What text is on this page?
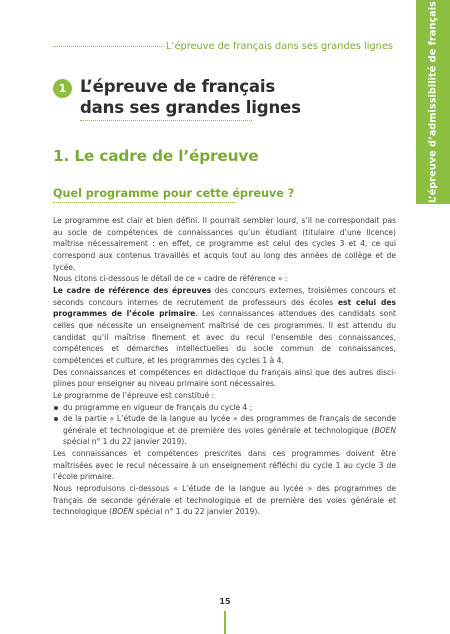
L’épreuve d’admissibilité de français
L’épreuve de français dans ses grandes lignes
1 L’épreuve de français
dans ses grandes lignes
1. Le cadre de l’épreuve
Quel programme pour cette épreuve ?

Le programme est clair et bien défini. Il pourrait sembler lourd, s’il ne correspondait pas au socle de compétences de connaissances qu’un étudiant (titulaire d’une licence) maîtrise nécessairement : en effet, ce programme est celui des cycles 3 et 4, ce qui correspond aux contenus travaillés et acquis tout au long des années de collège et de lycée.

Nous citons ci-dessous le détail de ce « cadre de référence » :

Le cadre de référence des épreuves des concours externes, troisièmes concours et seconds concours internes de recrutement de professeurs des écoles est celui des programmes de l’école primaire. Les connaissances attendues des candidats sont celles que nécessite un enseignement maîtrisé de ces programmes. Il est attendu du candidat qu’il maîtrise finement et avec du recul l’ensemble des connaissances, compétences et démarches intellectuelles du socle commun de connaissances, compétences et culture, et les programmes des cycles 1 à 4.

Des connaissances et compétences en didactique du français ainsi que des autres disci-plines pour enseigner au niveau primaire sont nécessaires.

Le programme de l’épreuve est constitué :

du programme en vigueur de français du cycle 4 ;
de la partie « L’étude de la langue au lycée » des programmes de français de seconde générale et technologique et de première des voies générale et technologique (BOEN spécial n° 1 du 22 janvier 2019).

Les connaissances et compétences prescrites dans ces programmes doivent être maîtrisées avec le recul nécessaire à un enseignement réfléchi du cycle 1 au cycle 3 de l’école primaire.

Nous reproduisons ci-dessous « L’étude de la langue au lycée » des programmes de français de seconde générale et technologique et de première des voies générale et technologique (BOEN spécial n° 1 du 22 janvier 2019).

15
